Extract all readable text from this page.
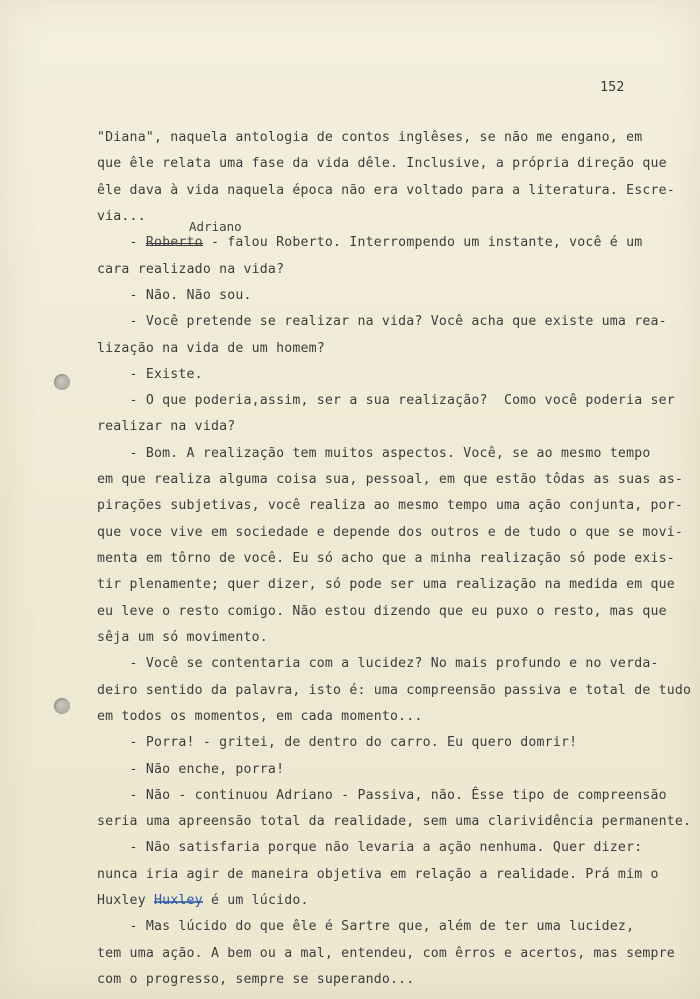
152
"Diana", naquela antologia de contos inglêses, se não me engano, em
que êle relata uma fase da vida dêle. Inclusive, a própria direção que
êle dava à vida naquela época não era voltado para a literatura. Escre-
via...
Adriano
- Roberto - falou Roberto. Interrompendo um instante, você é um
cara realizado na vida?
- Não. Não sou.
- Você pretende se realizar na vida? Você acha que existe uma rea-
lização na vida de um homem?
- Existe.
- O que poderia,assim, ser a sua realização?  Como você poderia ser
realizar na vida?
- Bom. A realização tem muitos aspectos. Você, se ao mesmo tempo
em que realiza alguma coisa sua, pessoal, em que estão tôdas as suas as-
pirações subjetivas, você realiza ao mesmo tempo uma ação conjunta, por-
que voce vive em sociedade e depende dos outros e de tudo o que se movi-
menta em tôrno de você. Eu só acho que a minha realização só pode exis-
tir plenamente; quer dizer, só pode ser uma realização na medida em que
eu leve o resto comigo. Não estou dizendo que eu puxo o resto, mas que
sêja um só movimento.
- Você se contentaria com a lucidez? No mais profundo e no verda-
deiro sentido da palavra, isto é: uma compreensão passiva e total de tudo
em todos os momentos, em cada momento...
- Porra! - gritei, de dentro do carro. Eu quero domrir!
- Não enche, porra!
- Não - continuou Adriano - Passiva, não. Êsse tipo de compreensão
seria uma apreensão total da realidade, sem uma clarividência permanente.
- Não satisfaria porque não levaria a ação nenhuma. Quer dizer:
nunca iria agir de maneira objetiva em relação a realidade. Prá mim o
Huxley Huxley é um lúcido.
- Mas lúcido do que êle é Sartre que, além de ter uma lucidez,
tem uma ação. A bem ou a mal, entendeu, com êrros e acertos, mas sempre
com o progresso, sempre se superando...
